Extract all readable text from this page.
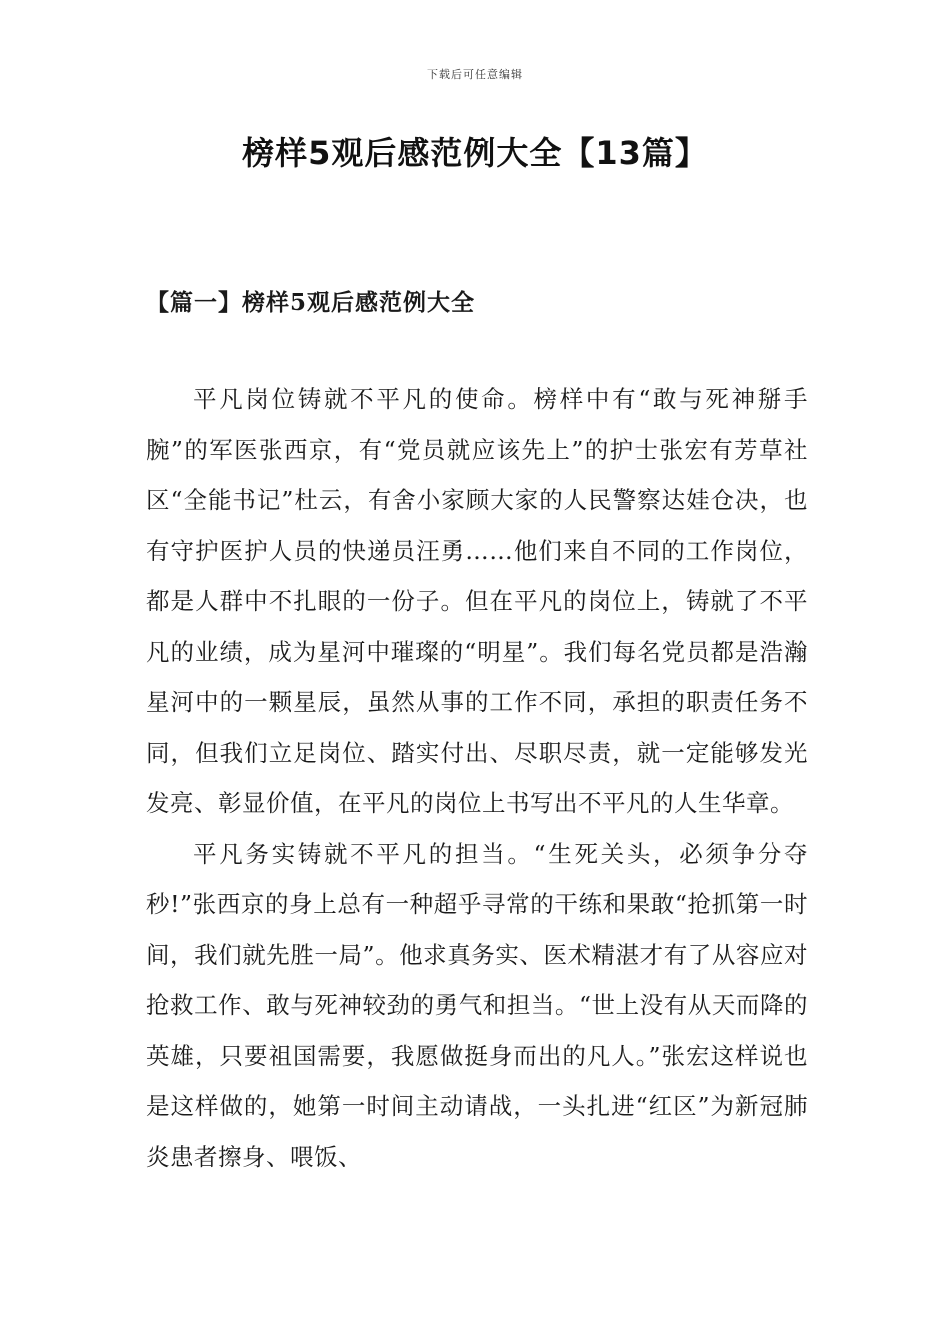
下载后可任意编辑
榜样5观后感范例大全【13篇】
【篇一】榜样5观后感范例大全

平凡岗位铸就不平凡的使命。榜样中有“敢与死神掰手腕”的军医张西京，有“党员就应该先上”的护士张宏有芳草社区“全能书记”杜云，有舍小家顾大家的人民警察达娃仓决，也有守护医护人员的快递员汪勇……他们来自不同的工作岗位，都是人群中不扎眼的一份子。但在平凡的岗位上，铸就了不平凡的业绩，成为星河中璀璨的“明星”。我们每名党员都是浩瀚星河中的一颗星辰，虽然从事的工作不同，承担的职责任务不同，但我们立足岗位、踏实付出、尽职尽责，就一定能够发光发亮、彰显价值，在平凡的岗位上书写出不平凡的人生华章。

平凡务实铸就不平凡的担当。“生死关头，必须争分夺秒!”张西京的身上总有一种超乎寻常的干练和果敢“抢抓第一时间，我们就先胜一局”。他求真务实、医术精湛才有了从容应对抢救工作、敢与死神较劲的勇气和担当。“世上没有从天而降的英雄，只要祖国需要，我愿做挺身而出的凡人。”张宏这样说也是这样做的，她第一时间主动请战，一头扎进“红区”为新冠肺炎患者擦身、喂饭、
